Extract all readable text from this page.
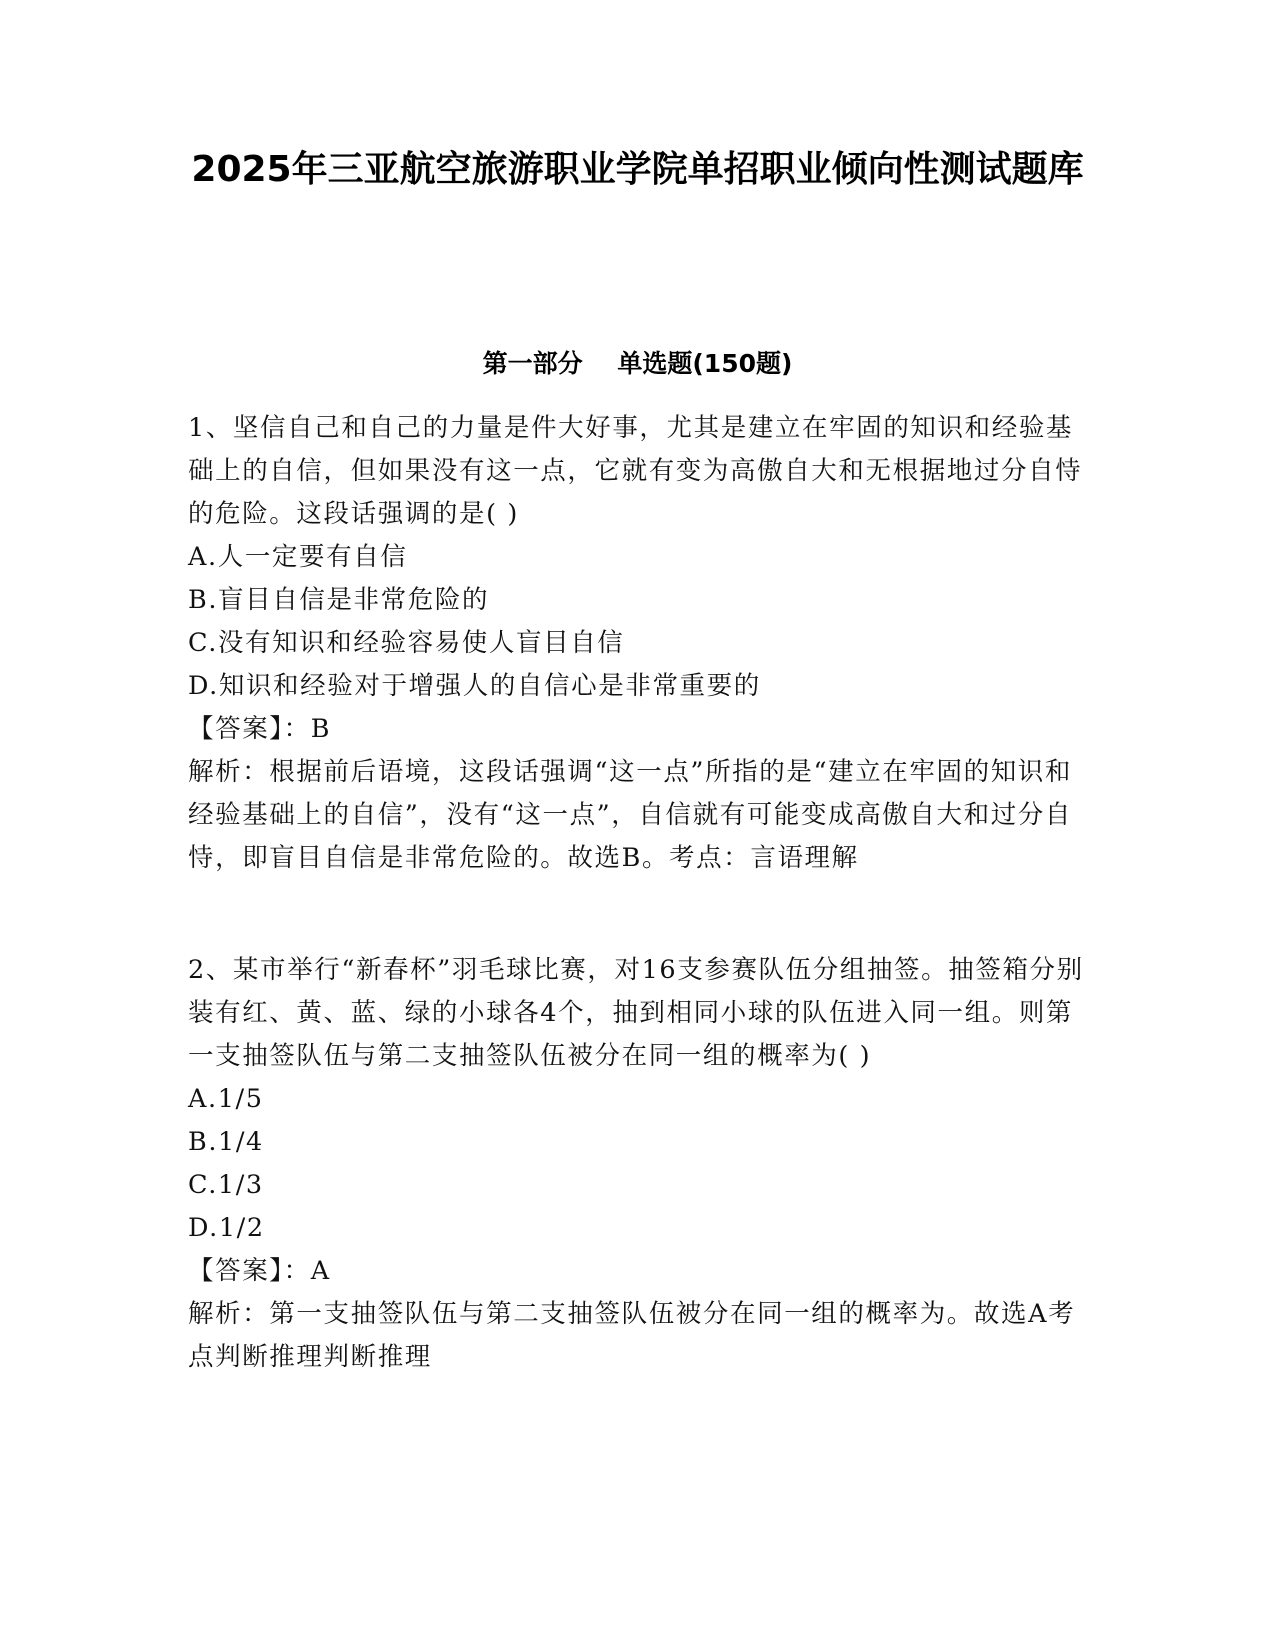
2025年三亚航空旅游职业学院单招职业倾向性测试题库
第一部分    单选题(150题)

1、坚信自己和自己的力量是件大好事，尤其是建立在牢固的知识和经验基础上的自信，但如果没有这一点，它就有变为高傲自大和无根据地过分自恃的危险。这段话强调的是( )

A.人一定要有自信

B.盲目自信是非常危险的

C.没有知识和经验容易使人盲目自信

D.知识和经验对于增强人的自信心是非常重要的

【答案】：B

解析：根据前后语境，这段话强调“这一点”所指的是“建立在牢固的知识和经验基础上的自信”，没有“这一点”，自信就有可能变成高傲自大和过分自恃，即盲目自信是非常危险的。故选B。考点：言语理解

2、某市举行“新春杯”羽毛球比赛，对16支参赛队伍分组抽签。抽签箱分别装有红、黄、蓝、绿的小球各4个，抽到相同小球的队伍进入同一组。则第一支抽签队伍与第二支抽签队伍被分在同一组的概率为( )

A.1/5

B.1/4

C.1/3

D.1/2

【答案】：A

解析：第一支抽签队伍与第二支抽签队伍被分在同一组的概率为。故选A考点判断推理判断推理
